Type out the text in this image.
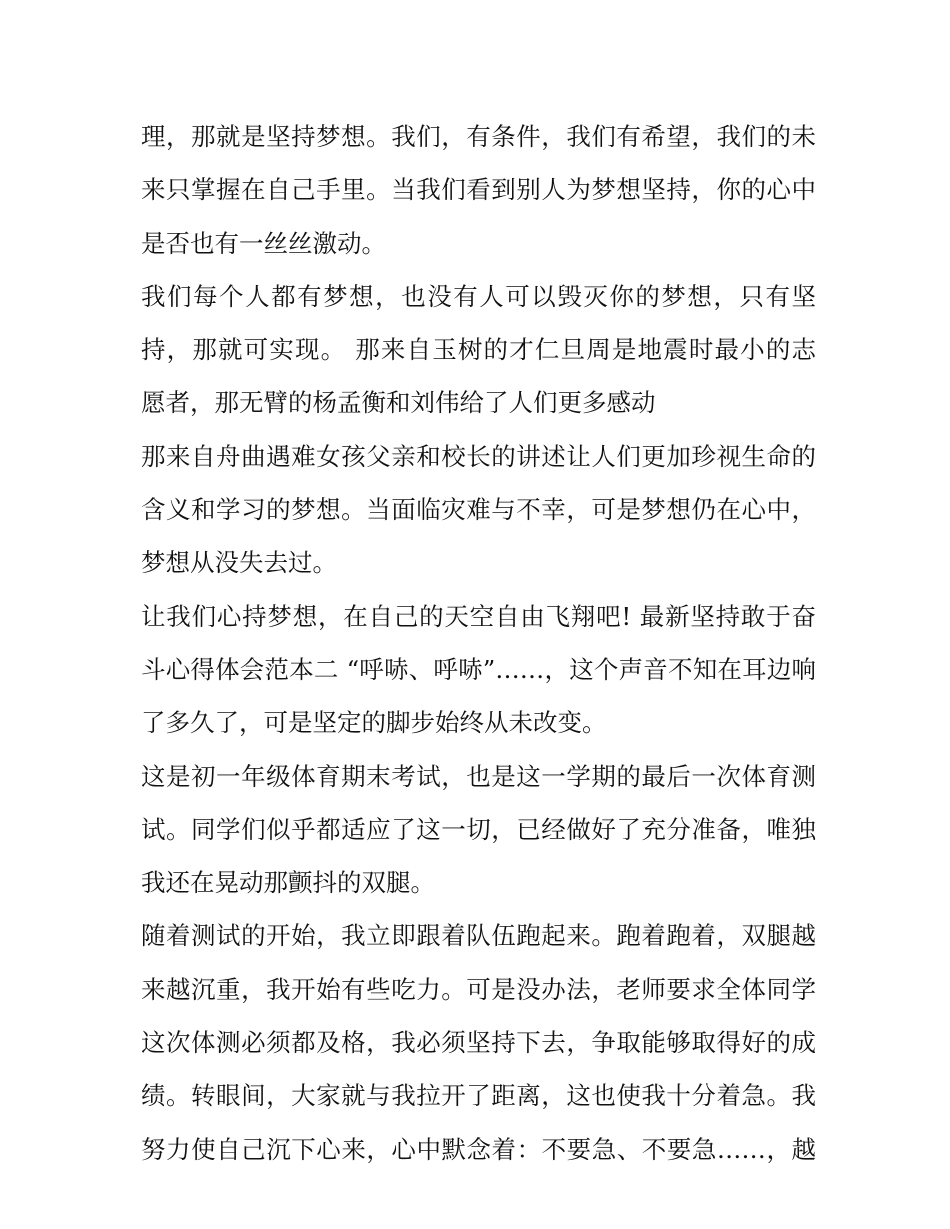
理，那就是坚持梦想。我们，有条件，我们有希望，我们的未
来只掌握在自己手里。当我们看到别人为梦想坚持，你的心中
是否也有一丝丝激动。
我们每个人都有梦想，也没有人可以毁灭你的梦想，只有坚
持，那就可实现。 那来自玉树的才仁旦周是地震时最小的志
愿者，那无臂的杨孟衡和刘伟给了人们更多感动
那来自舟曲遇难女孩父亲和校长的讲述让人们更加珍视生命的
含义和学习的梦想。当面临灾难与不幸，可是梦想仍在心中，
梦想从没失去过。
让我们心持梦想，在自己的天空自由飞翔吧! 最新坚持敢于奋
斗心得体会范本二 “呼哧、呼哧”……，这个声音不知在耳边响
了多久了，可是坚定的脚步始终从未改变。
这是初一年级体育期末考试，也是这一学期的最后一次体育测
试。同学们似乎都适应了这一切，已经做好了充分准备，唯独
我还在晃动那颤抖的双腿。
随着测试的开始，我立即跟着队伍跑起来。跑着跑着，双腿越
来越沉重，我开始有些吃力。可是没办法，老师要求全体同学
这次体测必须都及格，我必须坚持下去，争取能够取得好的成
绩。转眼间，大家就与我拉开了距离，这也使我十分着急。我
努力使自己沉下心来，心中默念着：不要急、不要急……，越
